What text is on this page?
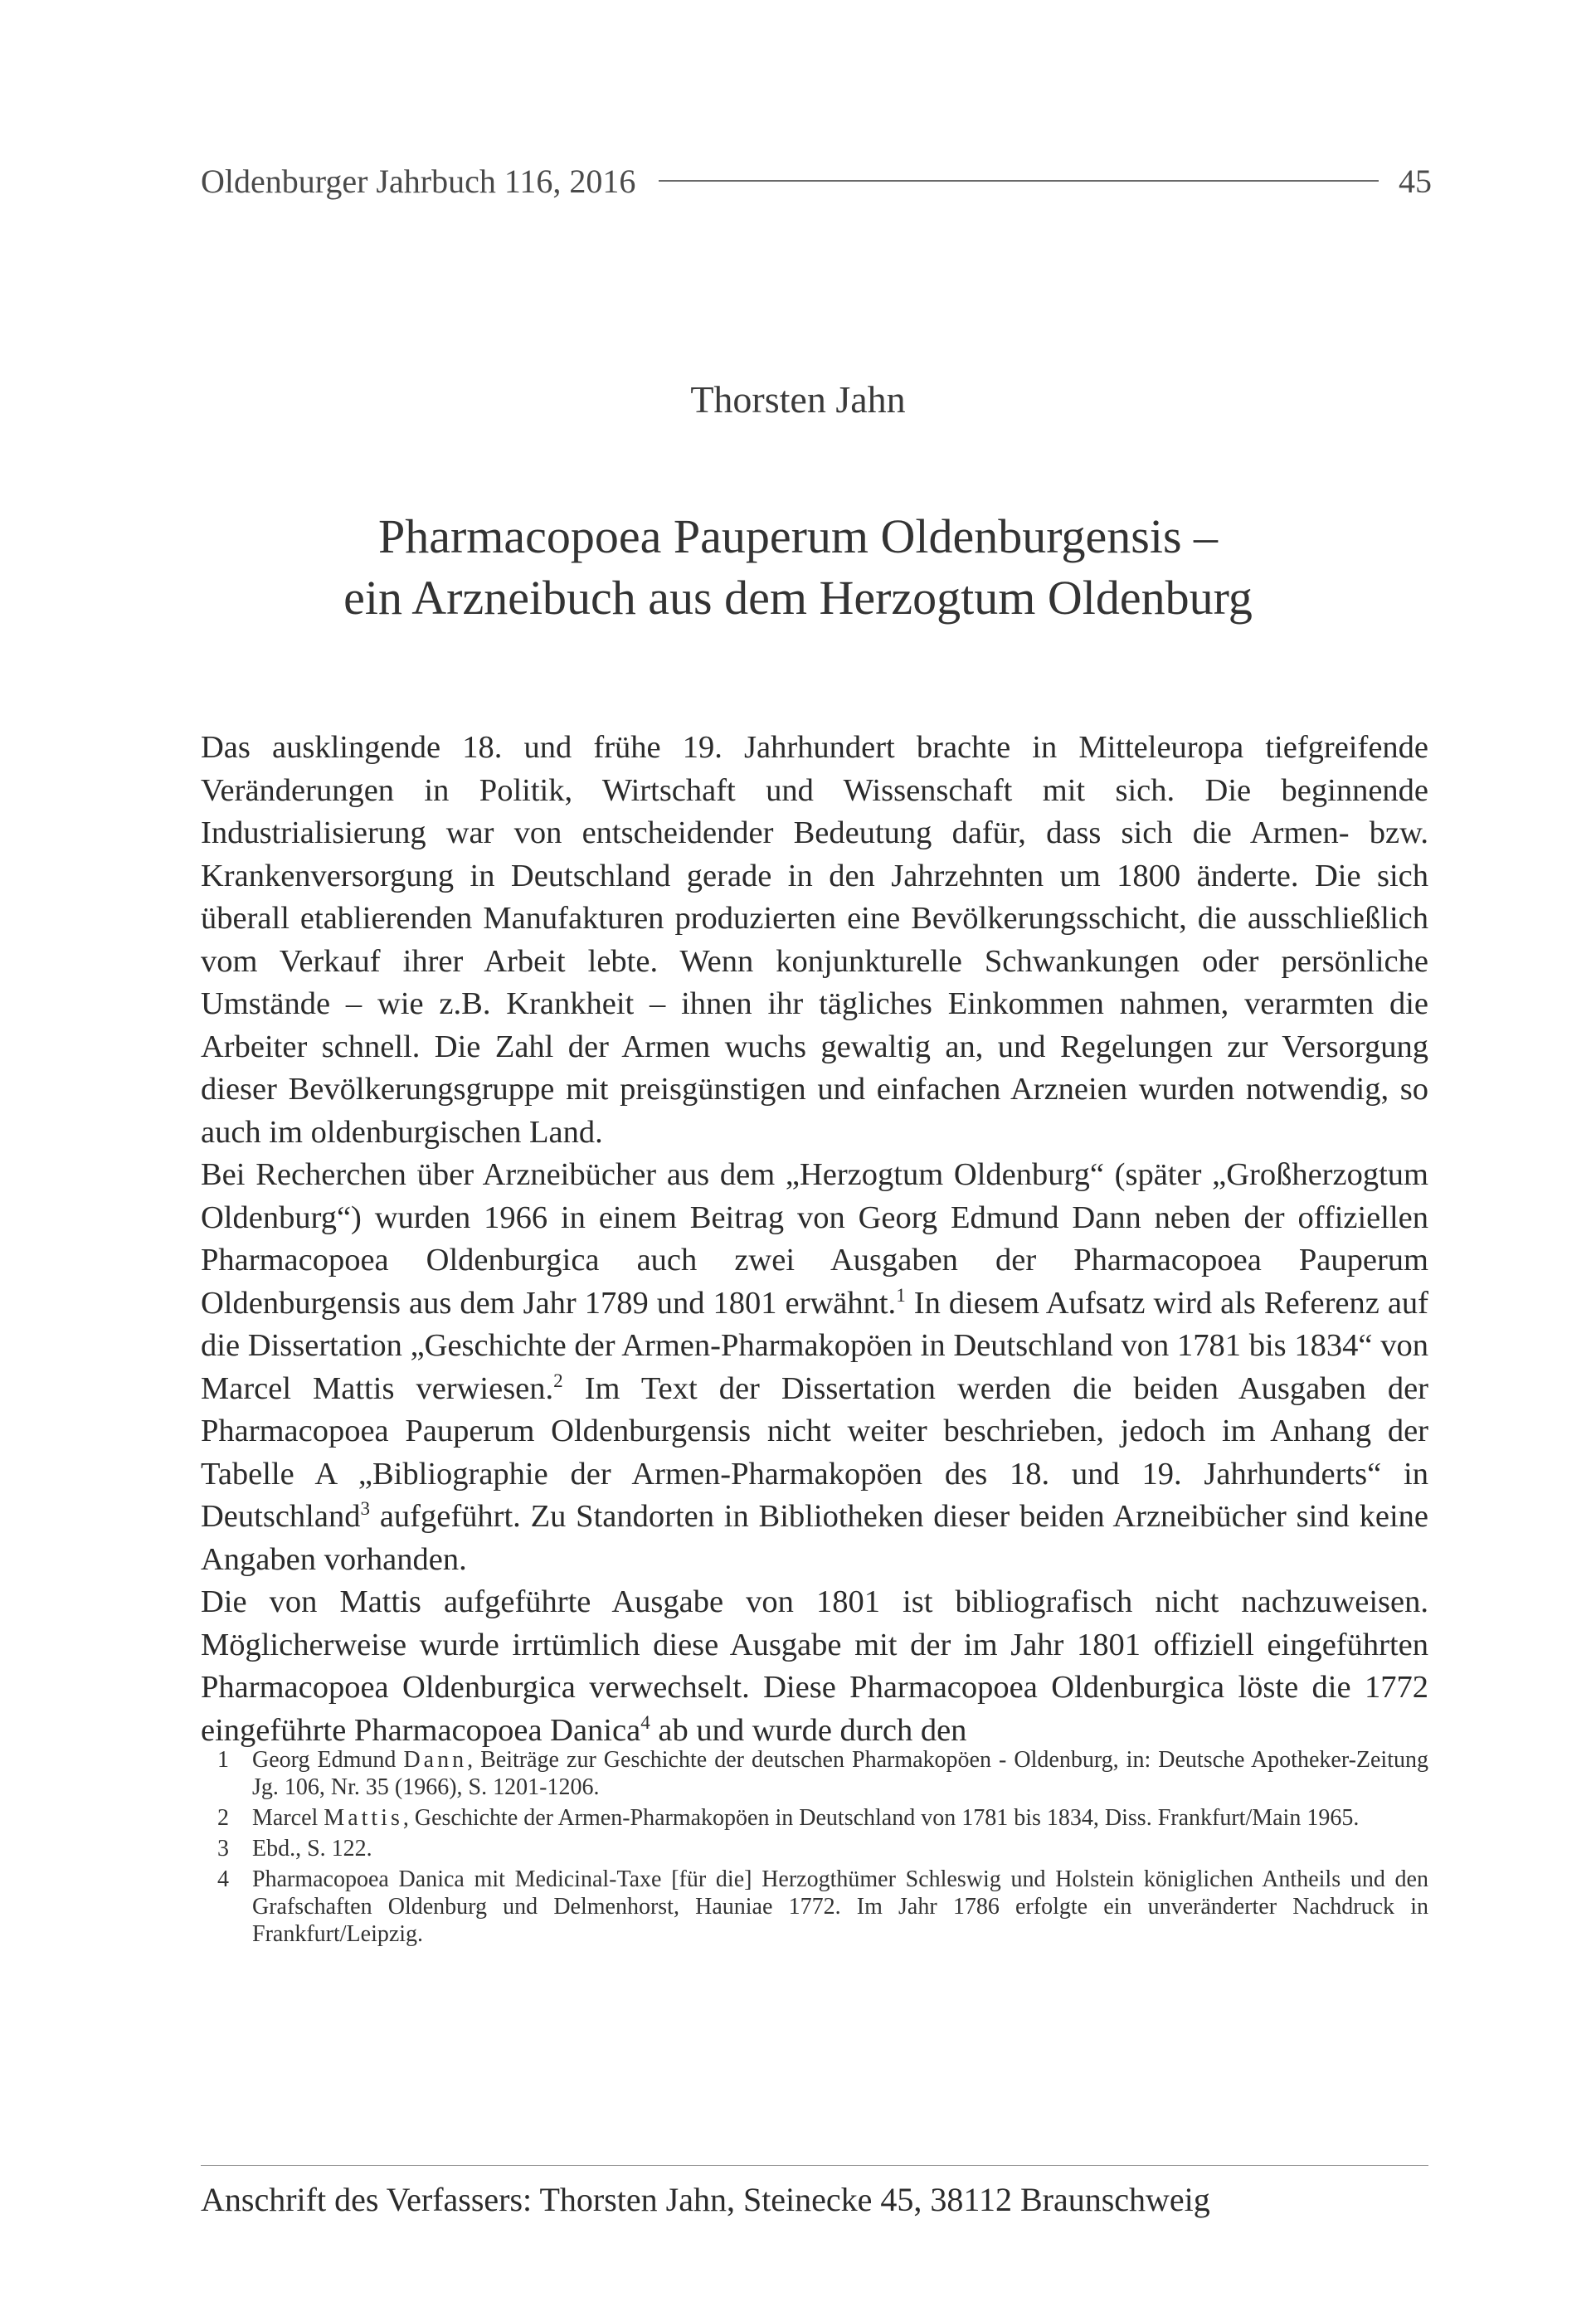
Oldenburger Jahrbuch 116, 2016	45
Thorsten Jahn
Pharmacopoea Pauperum Oldenburgensis –
ein Arzneibuch aus dem Herzogtum Oldenburg

Das ausklingende 18. und frühe 19. Jahrhundert brachte in Mitteleuropa tiefgreifende Veränderungen in Politik, Wirtschaft und Wissenschaft mit sich. Die beginnende Industrialisierung war von entscheidender Bedeutung dafür, dass sich die Armen- bzw. Krankenversorgung in Deutschland gerade in den Jahrzehnten um 1800 änderte. Die sich überall etablierenden Manufakturen produzierten eine Bevölkerungsschicht, die ausschließlich vom Verkauf ihrer Arbeit lebte. Wenn konjunkturelle Schwankungen oder persönliche Umstände – wie z.B. Krankheit – ihnen ihr tägliches Einkommen nahmen, verarmten die Arbeiter schnell. Die Zahl der Armen wuchs gewaltig an, und Regelungen zur Versorgung dieser Bevölkerungsgruppe mit preisgünstigen und einfachen Arzneien wurden notwendig, so auch im oldenburgischen Land.

Bei Recherchen über Arzneibücher aus dem „Herzogtum Oldenburg“ (später „Großherzogtum Oldenburg“) wurden 1966 in einem Beitrag von Georg Edmund Dann neben der offiziellen Pharmacopoea Oldenburgica auch zwei Ausgaben der Pharmacopoea Pauperum Oldenburgensis aus dem Jahr 1789 und 1801 erwähnt.$^1$ In diesem Aufsatz wird als Referenz auf die Dissertation „Geschichte der Armen-Pharmakopöen in Deutschland von 1781 bis 1834“ von Marcel Mattis verwiesen.$^2$ Im Text der Dissertation werden die beiden Ausgaben der Pharmacopoea Pauperum Oldenburgensis nicht weiter beschrieben, jedoch im Anhang der Tabelle A „Bibliographie der Armen-Pharmakopöen des 18. und 19. Jahrhunderts“ in Deutschland$^3$ aufgeführt. Zu Standorten in Bibliotheken dieser beiden Arzneibücher sind keine Angaben vorhanden.

Die von Mattis aufgeführte Ausgabe von 1801 ist bibliografisch nicht nachzuweisen. Möglicherweise wurde irrtümlich diese Ausgabe mit der im Jahr 1801 offiziell eingeführten Pharmacopoea Oldenburgica verwechselt. Diese Pharmacopoea Oldenburgica löste die 1772 eingeführte Pharmacopoea Danica$^4$ ab und wurde durch den

1	Georg Edmund Dann, Beiträge zur Geschichte der deutschen Pharmakopöen - Oldenburg, in: Deutsche Apotheker-Zeitung Jg. 106, Nr. 35 (1966), S. 1201-1206.
2	Marcel Mattis, Geschichte der Armen-Pharmakopöen in Deutschland von 1781 bis 1834, Diss. Frankfurt/Main 1965.
3	Ebd., S. 122.
4	Pharmacopoea Danica mit Medicinal-Taxe [für die] Herzogthümer Schleswig und Holstein königlichen Antheils und den Grafschaften Oldenburg und Delmenhorst, Hauniae 1772. Im Jahr 1786 erfolgte ein unveränderter Nachdruck in Frankfurt/Leipzig.
Anschrift des Verfassers: Thorsten Jahn, Steinecke 45, 38112 Braunschweig
